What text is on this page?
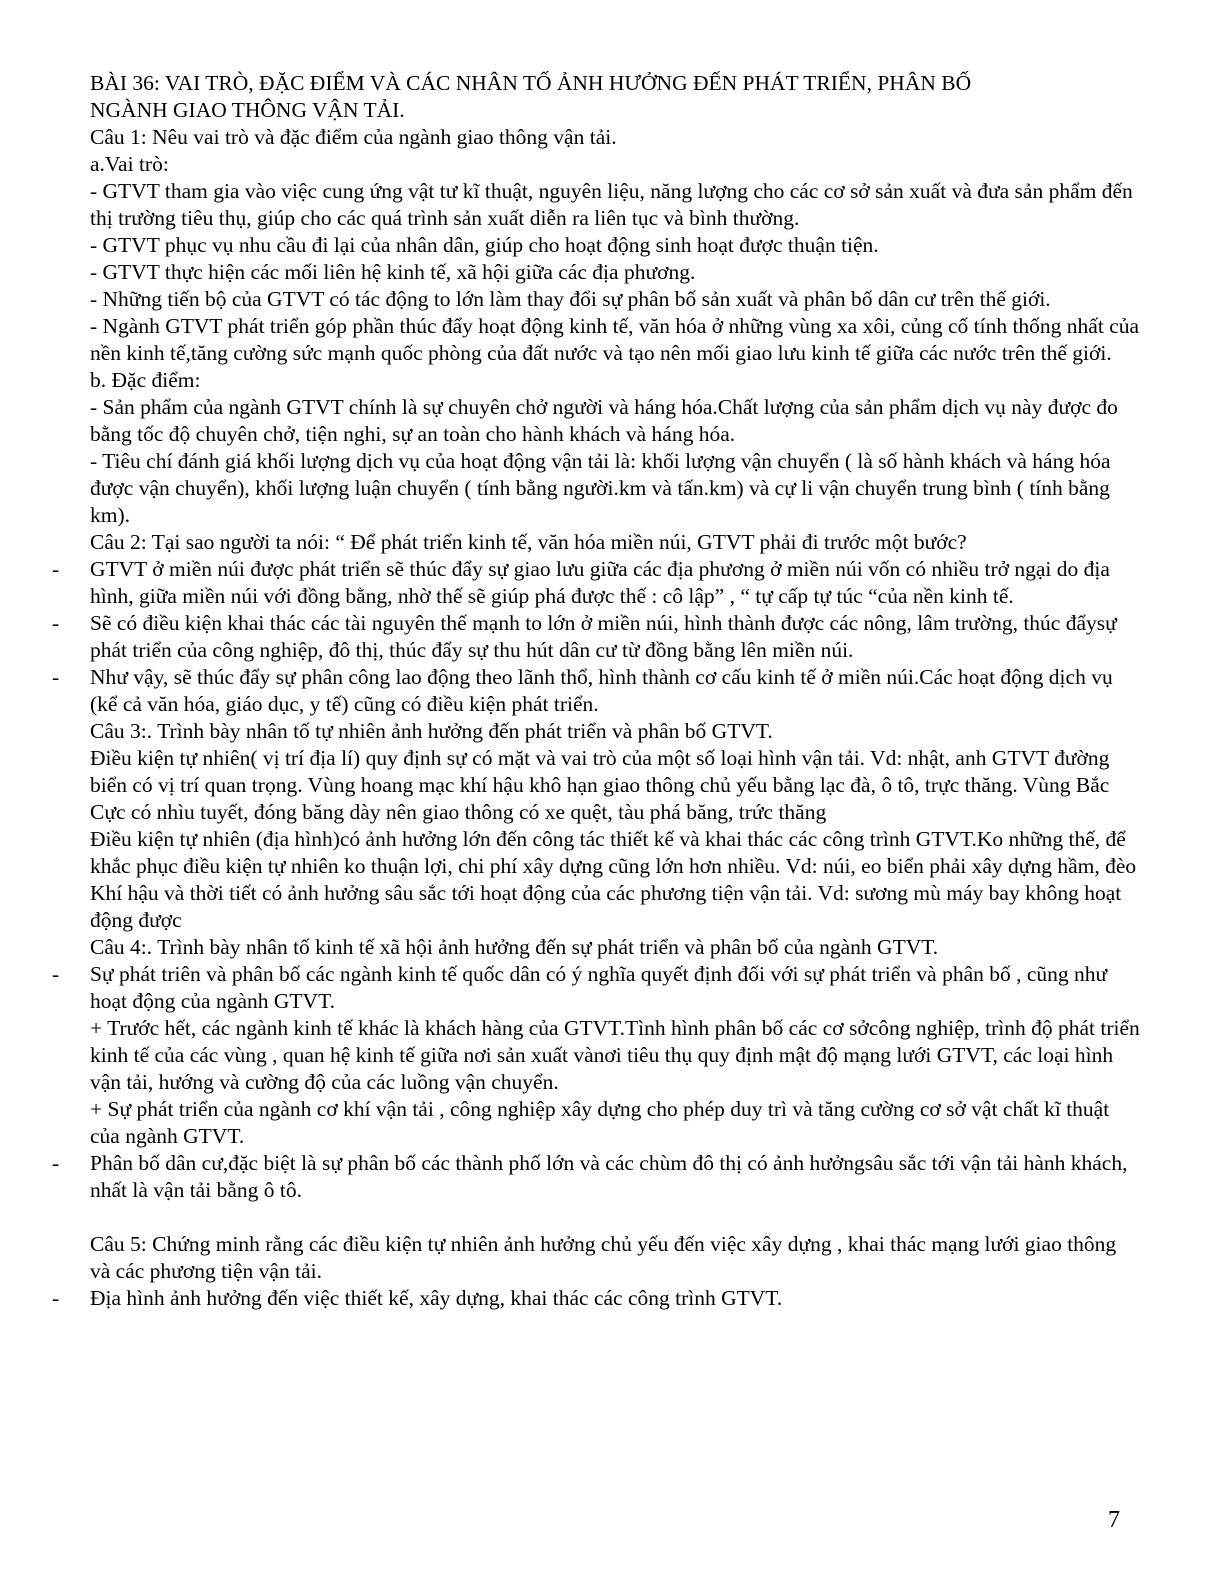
BÀI 36: VAI TRÒ, ĐẶC ĐIỂM VÀ CÁC NHÂN TỐ ẢNH HƯỞNG ĐẾN PHÁT TRIỂN, PHÂN BỐ

NGÀNH GIAO THÔNG VẬN TẢI.

Câu 1: Nêu vai trò và đặc điểm của ngành giao thông vận tải.

a.Vai trò:

- GTVT tham gia vào việc cung ứng vật tư kĩ thuật, nguyên liệu, năng lượng cho các cơ sở sản xuất và đưa sản phẩm đến thị trường tiêu thụ, giúp cho các quá trình sản xuất diễn ra liên tục và bình thường.

- GTVT phục vụ nhu cầu đi lại của nhân dân, giúp cho hoạt động sinh hoạt được thuận tiện.

- GTVT thực hiện các mối liên hệ kinh tế, xã hội giữa các địa phương.

- Những tiến bộ của GTVT có tác động to lớn làm thay đổi sự phân bố sản xuất và phân bố dân cư trên thế giới.

- Ngành GTVT phát triển góp phần thúc đẩy hoạt động kinh tế, văn hóa ở những vùng xa xôi, củng cố tính thống nhất của nền kinh tế,tăng cường sức mạnh quốc phòng của đất nước và tạo nên mối giao lưu kinh tế giữa các nước trên thế giới.

b. Đặc điểm:

- Sản phẩm của ngành GTVT chính là sự chuyên chở người và háng hóa.Chất lượng của sản phẩm dịch vụ này được đo bằng tốc độ chuyên chở, tiện nghi, sự an toàn cho hành khách và háng hóa.

- Tiêu chí đánh giá khối lượng dịch vụ của hoạt động vận tải là: khối lượng vận chuyển ( là số hành khách và háng hóa được vận chuyển), khối lượng luận chuyển ( tính bằng người.km và tấn.km) và cự li vận chuyển trung bình ( tính bằng km).

Câu 2: Tại sao người ta nói: “ Để phát triển kinh tế, văn hóa miền núi, GTVT phải đi trước một bước?

- GTVT ở miền núi được phát triển sẽ thúc đẩy sự giao lưu giữa các địa phương ở miền núi vốn có nhiều trở ngại do địa hình, giữa miền núi với đồng bằng, nhờ thế sẽ giúp phá được thế : cô lập” , “ tự cấp tự túc “của nền kinh tế.
- Sẽ có điều kiện khai thác các tài nguyên thế mạnh to lớn ở miền núi, hình thành được các nông, lâm trường, thúc đẩysự phát triển của công nghiệp, đô thị, thúc đẩy sự thu hút dân cư từ đồng bằng lên miền núi.
- Như vậy, sẽ thúc đẩy sự phân công lao động theo lãnh thổ, hình thành cơ cấu kinh tế ở miền núi.Các hoạt động dịch vụ (kể cả văn hóa, giáo dục, y tế) cũng có điều kiện phát triển.

Câu 3:. Trình bày nhân tố tự nhiên ảnh hưởng đến phát triển và phân bố GTVT.

Điều kiện tự nhiên( vị trí địa lí) quy định sự có mặt và vai trò của một số loại hình vận tải. Vd: nhật, anh GTVT đường biển có vị trí quan trọng. Vùng hoang mạc khí hậu khô hạn giao thông chủ yếu bằng lạc đà, ô tô, trực thăng. Vùng Bắc Cực có nhìu tuyết, đóng băng dày nên giao thông có xe quệt, tàu phá băng, trức thăng

Điều kiện tự nhiên (địa hình)có ảnh hưởng lớn đến công tác thiết kế và khai thác các công trình GTVT.Ko những thế, để khắc phục điều kiện tự nhiên ko thuận lợi, chi phí xây dựng cũng lớn hơn nhiều. Vd: núi, eo biển phải xây dựng hầm, đèo

Khí hậu và thời tiết có ảnh hưởng sâu sắc tới hoạt động của các phương tiện vận tải. Vd: sương mù máy bay không hoạt động được

Câu 4:. Trình bày nhân tố kinh tế xã hội ảnh hưởng đến sự phát triển và phân bố của ngành GTVT.

- Sự phát triên và phân bố các ngành kinh tế quốc dân có ý nghĩa quyết định đối với sự phát triển và phân bố , cũng như hoạt động của ngành GTVT.

+ Trước hết, các ngành kinh tế khác là khách hàng của GTVT.Tình hình phân bố các cơ sởcông nghiệp, trình độ phát triển kinh tế của các vùng , quan hệ kinh tế giữa nơi sản xuất vànơi tiêu thụ quy định mật độ mạng lưới GTVT, các loại hình vận tải, hướng và cường độ của các luồng vận chuyển.

+ Sự phát triển của ngành cơ khí vận tải , công nghiệp xây dựng cho phép duy trì và tăng cường cơ sở vật chất kĩ thuật của ngành GTVT.

- Phân bố dân cư,đặc biệt là sự phân bố các thành phố lớn và các chùm đô thị có ảnh hưởngsâu sắc tới vận tải hành khách, nhất là vận tải bằng ô tô.

Câu 5: Chứng minh rằng các điều kiện tự nhiên ảnh hưởng chủ yếu đến việc xây dựng , khai thác mạng lưới giao thông và các phương tiện vận tải.

- Địa hình ảnh hưởng đến việc thiết kế, xây dựng, khai thác các công trình GTVT.
7
